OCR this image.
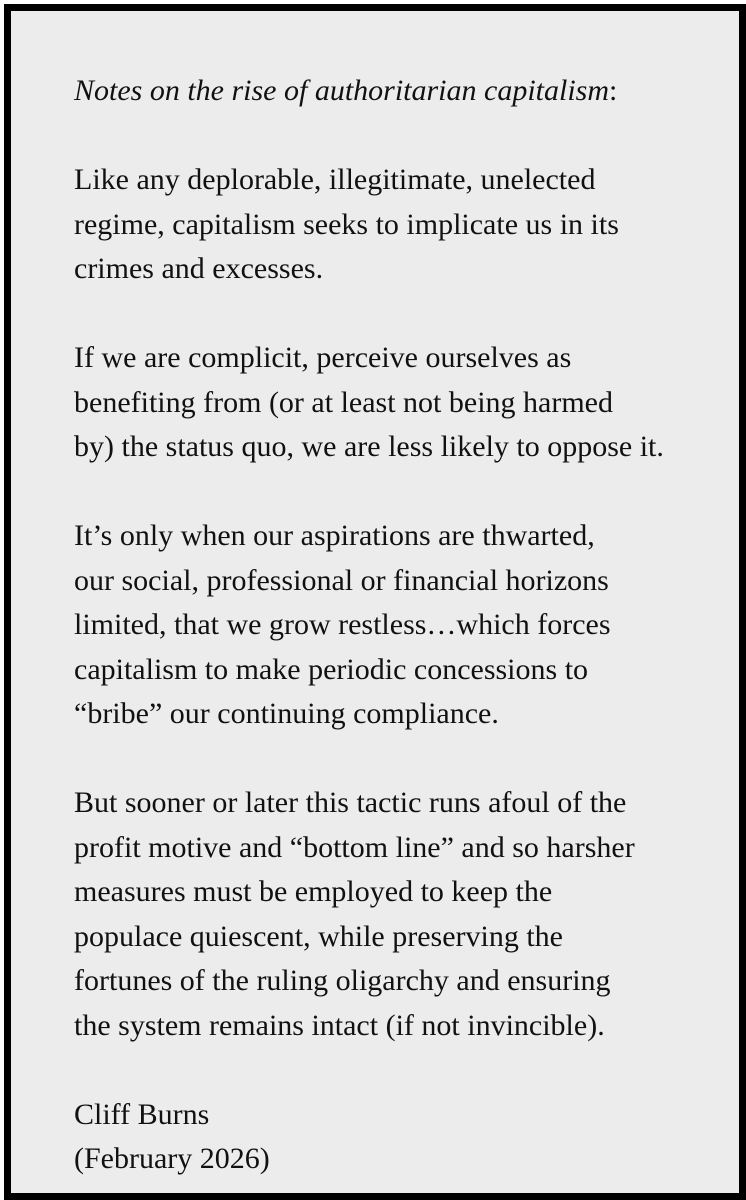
Notes on the rise of authoritarian capitalism:
Like any deplorable, illegitimate, unelected
regime, capitalism seeks to implicate us in its
crimes and excesses.
If we are complicit, perceive ourselves as
benefiting from (or at least not being harmed
by) the status quo, we are less likely to oppose it.
It’s only when our aspirations are thwarted,
our social, professional or financial horizons
limited, that we grow restless…which forces
capitalism to make periodic concessions to
“bribe” our continuing compliance.
But sooner or later this tactic runs afoul of the
profit motive and “bottom line” and so harsher
measures must be employed to keep the
populace quiescent, while preserving the
fortunes of the ruling oligarchy and ensuring
the system remains intact (if not invincible).
Cliff Burns
(February 2026)
